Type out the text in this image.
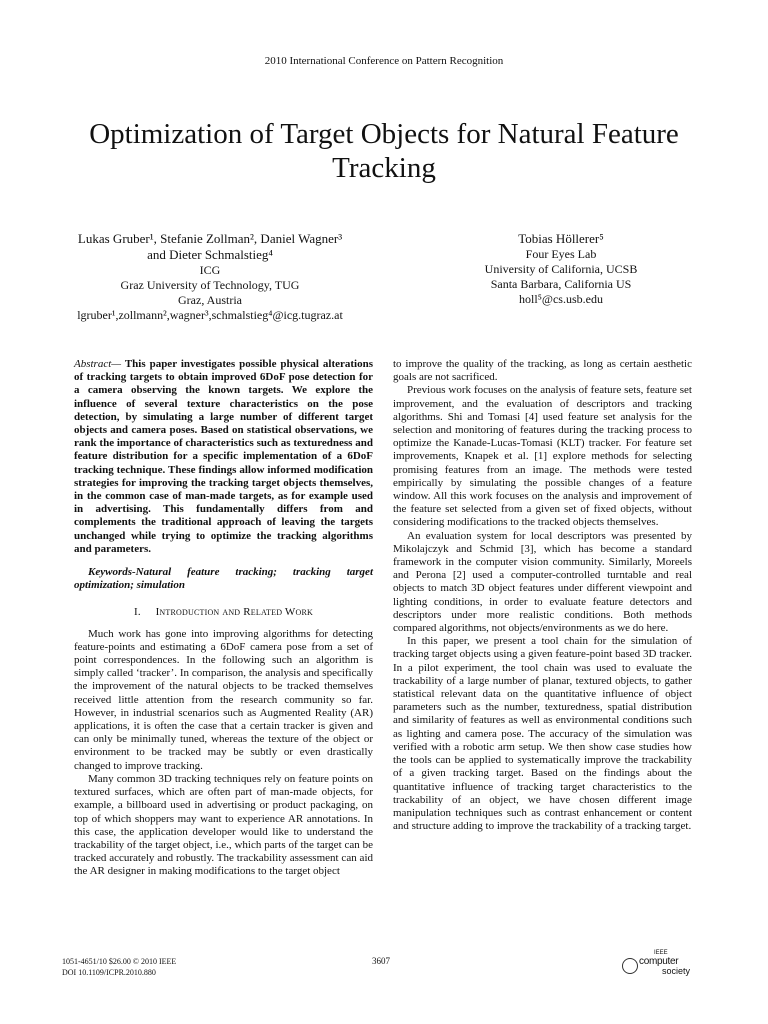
2010 International Conference on Pattern Recognition
Optimization of Target Objects for Natural Feature Tracking
Lukas Gruber¹, Stefanie Zollman², Daniel Wagner³
and Dieter Schmalstieg⁴
ICG
Graz University of Technology, TUG
Graz, Austria
lgruber¹,zollmann²,wagner³,schmalstieg⁴@icg.tugraz.at
Tobias Höllerer⁵
Four Eyes Lab
University of California, UCSB
Santa Barbara, California US
holl⁵@cs.usb.edu

Abstract— This paper investigates possible physical alterations of tracking targets to obtain improved 6DoF pose detection for a camera observing the known targets. We explore the influence of several texture characteristics on the pose detection, by simulating a large number of different target objects and camera poses. Based on statistical observations, we rank the importance of characteristics such as texturedness and feature distribution for a specific implementation of a 6DoF tracking technique. These findings allow informed modification strategies for improving the tracking target objects themselves, in the common case of man-made targets, as for example used in advertising. This fundamentally differs from and complements the traditional approach of leaving the targets unchanged while trying to optimize the tracking algorithms and parameters.

Keywords-Natural feature tracking; tracking target optimization; simulation

I. Introduction and Related Work

Much work has gone into improving algorithms for detecting feature-points and estimating a 6DoF camera pose from a set of point correspondences. In the following such an algorithm is simply called ‘tracker’. In comparison, the analysis and specifically the improvement of the natural objects to be tracked themselves received little attention from the research community so far. However, in industrial scenarios such as Augmented Reality (AR) applications, it is often the case that a certain tracker is given and can only be minimally tuned, whereas the texture of the object or environment to be tracked may be subtly or even drastically changed to improve tracking.

Many common 3D tracking techniques rely on feature points on textured surfaces, which are often part of man-made objects, for example, a billboard used in advertising or product packaging, on top of which shoppers may want to experience AR annotations. In this case, the application developer would like to understand the trackability of the target object, i.e., which parts of the target can be tracked accurately and robustly. The trackability assessment can aid the AR designer in making modifications to the target object

to improve the quality of the tracking, as long as certain aesthetic goals are not sacrificed.

Previous work focuses on the analysis of feature sets, feature set improvement, and the evaluation of descriptors and tracking algorithms. Shi and Tomasi [4] used feature set analysis for the selection and monitoring of features during the tracking process to optimize the Kanade-Lucas-Tomasi (KLT) tracker. For feature set improvements, Knapek et al. [1] explore methods for selecting promising features from an image. The methods were tested empirically by simulating the possible changes of a feature window. All this work focuses on the analysis and improvement of the feature set selected from a given set of fixed objects, without considering modifications to the tracked objects themselves.

An evaluation system for local descriptors was presented by Mikolajczyk and Schmid [3], which has become a standard framework in the computer vision community. Similarly, Moreels and Perona [2] used a computer-controlled turntable and real objects to match 3D object features under different viewpoint and lighting conditions, in order to evaluate feature detectors and descriptors under more realistic conditions. Both methods compared algorithms, not objects/environments as we do here.

In this paper, we present a tool chain for the simulation of tracking target objects using a given feature-point based 3D tracker. In a pilot experiment, the tool chain was used to evaluate the trackability of a large number of planar, textured objects, to gather statistical relevant data on the quantitative influence of object parameters such as the number, texturedness, spatial distribution and similarity of features as well as environmental conditions such as lighting and camera pose. The accuracy of the simulation was verified with a robotic arm setup. We then show case studies how the tools can be applied to systematically improve the trackability of a given tracking target. Based on the findings about the quantitative influence of tracking target characteristics to the trackability of an object, we have chosen different image manipulation techniques such as contrast enhancement or content and structure adding to improve the trackability of a tracking target.

1051-4651/10 $26.00 © 2010 IEEE
DOI 10.1109/ICPR.2010.880
3607
IEEE
computer
society
